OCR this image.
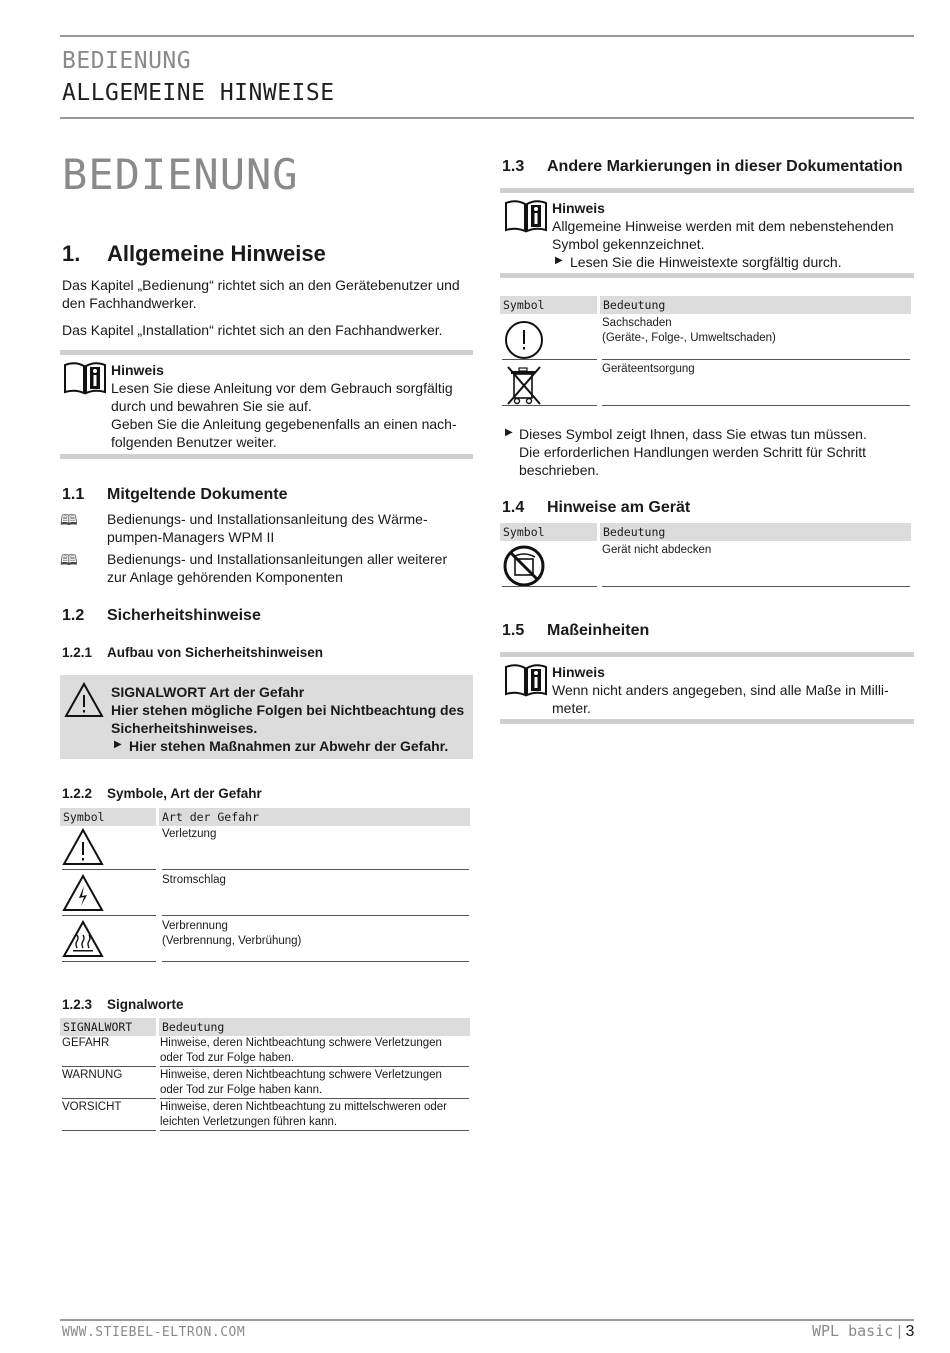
BEDIENUNG
ALLGEMEINE HINWEISE
BEDIENUNG
1. Allgemeine Hinweise
Das Kapitel „Bedienung“ richtet sich an den Gerätebenutzer und den Fachhandwerker.
Das Kapitel „Installation“ richtet sich an den Fachhandwerker.
Hinweis
Lesen Sie diese Anleitung vor dem Gebrauch sorgfältig
durch und bewahren Sie sie auf.
Geben Sie die Anleitung gegebenenfalls an einen nach-
folgenden Benutzer weiter.
1.1 Mitgeltende Dokumente
🕮 Bedienungs- und Installationsanleitung des Wärme-
pumpen-Managers WPM II
🕮 Bedienungs- und Installationsanleitungen aller weiterer
zur Anlage gehörenden Komponenten
1.2 Sicherheitshinweise
1.2.1 Aufbau von Sicherheitshinweisen
SIGNALWORT Art der Gefahr
Hier stehen mögliche Folgen bei Nichtbeachtung des
Sicherheitshinweises.
▶ Hier stehen Maßnahmen zur Abwehr der Gefahr.
1.2.2 Symbole, Art der Gefahr
Symbol	Art der Gefahr
Verletzung
Stromschlag
Verbrennung
(Verbrennung, Verbrühung)
1.2.3 Signalworte
SIGNALWORT	Bedeutung
GEFAHR	Hinweise, deren Nichtbeachtung schwere Verletzungen
oder Tod zur Folge haben.
WARNUNG	Hinweise, deren Nichtbeachtung schwere Verletzungen
oder Tod zur Folge haben kann.
VORSICHT	Hinweise, deren Nichtbeachtung zu mittelschweren oder
leichten Verletzungen führen kann.
1.3 Andere Markierungen in dieser Dokumentation
Hinweis
Allgemeine Hinweise werden mit dem nebenstehenden
Symbol gekennzeichnet.
▶ Lesen Sie die Hinweistexte sorgfältig durch.
Symbol	Bedeutung
Sachschaden
(Geräte-, Folge-, Umweltschaden)
Geräteentsorgung
▶ Dieses Symbol zeigt Ihnen, dass Sie etwas tun müssen.
Die erforderlichen Handlungen werden Schritt für Schritt
beschrieben.
1.4 Hinweise am Gerät
Symbol	Bedeutung
Gerät nicht abdecken
1.5 Maßeinheiten
Hinweis
Wenn nicht anders angegeben, sind alle Maße in Milli-
meter.
WWW.STIEBEL-ELTRON.COM	WPL basic | 3
